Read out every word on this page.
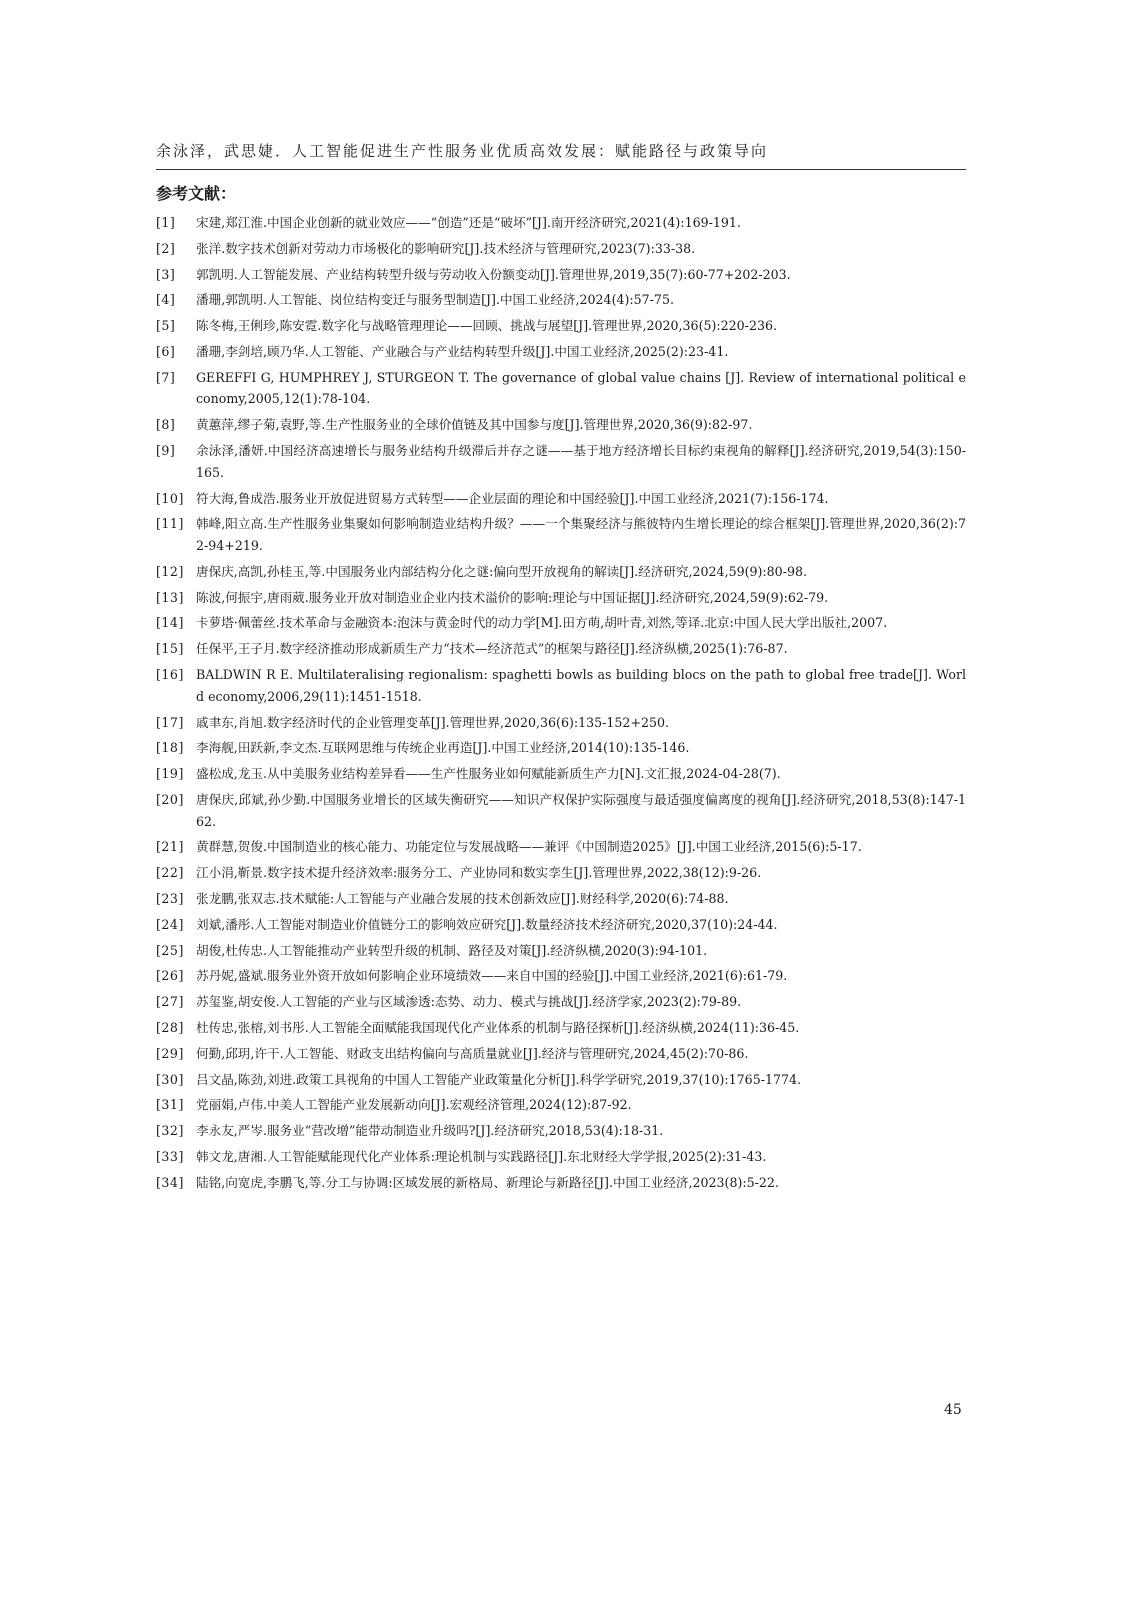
余泳泽，武思婕．人工智能促进生产性服务业优质高效发展：赋能路径与政策导向
参考文献：
[1]	宋建,郑江淮.中国企业创新的就业效应——“创造”还是“破坏”[J].南开经济研究,2021(4):169-191.
[2]	张洋.数字技术创新对劳动力市场极化的影响研究[J].技术经济与管理研究,2023(7):33-38.
[3]	郭凯明.人工智能发展、产业结构转型升级与劳动收入份额变动[J].管理世界,2019,35(7):60-77+202-203.
[4]	潘珊,郭凯明.人工智能、岗位结构变迁与服务型制造[J].中国工业经济,2024(4):57-75.
[5]	陈冬梅,王俐珍,陈安霓.数字化与战略管理理论——回顾、挑战与展望[J].管理世界,2020,36(5):220-236.
[6]	潘珊,李剑培,顾乃华.人工智能、产业融合与产业结构转型升级[J].中国工业经济,2025(2):23-41.
[7]	GEREFFI G, HUMPHREY J, STURGEON T. The governance of global value chains [J]. Review of international political economy,2005,12(1):78-104.
[8]	黄蕙萍,缪子菊,袁野,等.生产性服务业的全球价值链及其中国参与度[J].管理世界,2020,36(9):82-97.
[9]	余泳泽,潘妍.中国经济高速增长与服务业结构升级滞后并存之谜——基于地方经济增长目标约束视角的解释[J].经济研究,2019,54(3):150-165.
[10] 符大海,鲁成浩.服务业开放促进贸易方式转型——企业层面的理论和中国经验[J].中国工业经济,2021(7):156-174.
[11] 韩峰,阳立高.生产性服务业集聚如何影响制造业结构升级？——一个集聚经济与熊彼特内生增长理论的综合框架[J].管理世界,2020,36(2):72-94+219.
[12] 唐保庆,高凯,孙桂玉,等.中国服务业内部结构分化之谜:偏向型开放视角的解读[J].经济研究,2024,59(9):80-98.
[13] 陈波,何振宇,唐雨葳.服务业开放对制造业企业内技术溢价的影响:理论与中国证据[J].经济研究,2024,59(9):62-79.
[14] 卡萝塔·佩蕾丝.技术革命与金融资本:泡沫与黄金时代的动力学[M].田方萌,胡叶青,刘然,等译.北京:中国人民大学出版社,2007.
[15] 任保平,王子月.数字经济推动形成新质生产力“技术—经济范式”的框架与路径[J].经济纵横,2025(1):76-87.
[16] BALDWIN R E. Multilateralising regionalism: spaghetti bowls as building blocs on the path to global free trade[J]. World economy,2006,29(11):1451-1518.
[17] 戚聿东,肖旭.数字经济时代的企业管理变革[J].管理世界,2020,36(6):135-152+250.
[18] 李海舰,田跃新,李文杰.互联网思维与传统企业再造[J].中国工业经济,2014(10):135-146.
[19] 盛松成,龙玉.从中美服务业结构差异看——生产性服务业如何赋能新质生产力[N].文汇报,2024-04-28(7).
[20] 唐保庆,邱斌,孙少勤.中国服务业增长的区域失衡研究——知识产权保护实际强度与最适强度偏离度的视角[J].经济研究,2018,53(8):147-162.
[21] 黄群慧,贺俊.中国制造业的核心能力、功能定位与发展战略——兼评《中国制造2025》[J].中国工业经济,2015(6):5-17.
[22] 江小涓,靳景.数字技术提升经济效率:服务分工、产业协同和数实孪生[J].管理世界,2022,38(12):9-26.
[23] 张龙鹏,张双志.技术赋能:人工智能与产业融合发展的技术创新效应[J].财经科学,2020(6):74-88.
[24] 刘斌,潘彤.人工智能对制造业价值链分工的影响效应研究[J].数量经济技术经济研究,2020,37(10):24-44.
[25] 胡俊,杜传忠.人工智能推动产业转型升级的机制、路径及对策[J].经济纵横,2020(3):94-101.
[26] 苏丹妮,盛斌.服务业外资开放如何影响企业环境绩效——来自中国的经验[J].中国工业经济,2021(6):61-79.
[27] 苏玺鉴,胡安俊.人工智能的产业与区域渗透:态势、动力、模式与挑战[J].经济学家,2023(2):79-89.
[28] 杜传忠,张榕,刘书彤.人工智能全面赋能我国现代化产业体系的机制与路径探析[J].经济纵横,2024(11):36-45.
[29] 何勤,邱玥,许干.人工智能、财政支出结构偏向与高质量就业[J].经济与管理研究,2024,45(2):70-86.
[30] 吕文晶,陈劲,刘进.政策工具视角的中国人工智能产业政策量化分析[J].科学学研究,2019,37(10):1765-1774.
[31] 党丽娟,卢伟.中美人工智能产业发展新动向[J].宏观经济管理,2024(12):87-92.
[32] 李永友,严岑.服务业“营改增”能带动制造业升级吗?[J].经济研究,2018,53(4):18-31.
[33] 韩文龙,唐湘.人工智能赋能现代化产业体系:理论机制与实践路径[J].东北财经大学学报,2025(2):31-43.
[34] 陆铭,向宽虎,李鹏飞,等.分工与协调:区域发展的新格局、新理论与新路径[J].中国工业经济,2023(8):5-22.
45
